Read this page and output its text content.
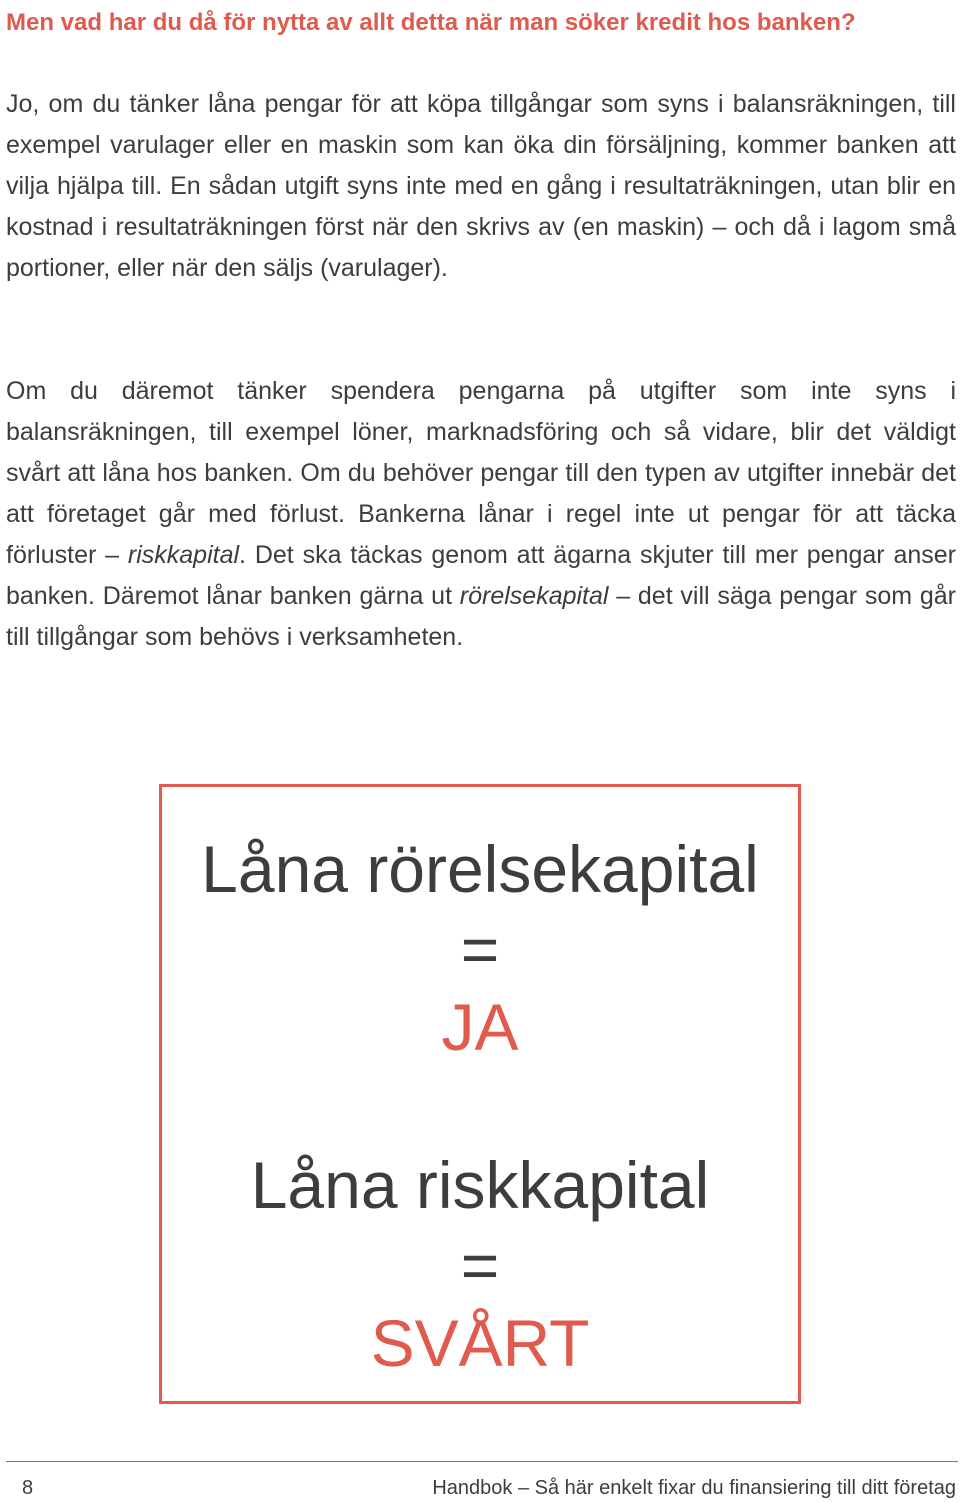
Men vad har du då för nytta av allt detta när man söker kredit hos banken?

Jo, om du tänker låna pengar för att köpa tillgångar som syns i balansräkningen, till exempel varulager eller en maskin som kan öka din försäljning, kommer banken att vilja hjälpa till. En sådan utgift syns inte med en gång i resultaträkningen, utan blir en kostnad i resultaträkningen först när den skrivs av (en maskin) – och då i lagom små portioner, eller när den säljs (varulager).

Om du däremot tänker spendera pengarna på utgifter som inte syns i balansräkningen, till exempel löner, marknadsföring och så vidare, blir det väldigt svårt att låna hos banken. Om du behöver pengar till den typen av utgifter innebär det att företaget går med förlust. Bankerna lånar i regel inte ut pengar för att täcka förluster – riskkapital. Det ska täckas genom att ägarna skjuter till mer pengar anser banken. Däremot lånar banken gärna ut rörelsekapital – det vill säga pengar som går till tillgångar som behövs i verksamheten.

Låna rörelsekapital
=
JA
Låna riskkapital
=
SVÅRT
8	Handbok – Så här enkelt fixar du finansiering till ditt företag
